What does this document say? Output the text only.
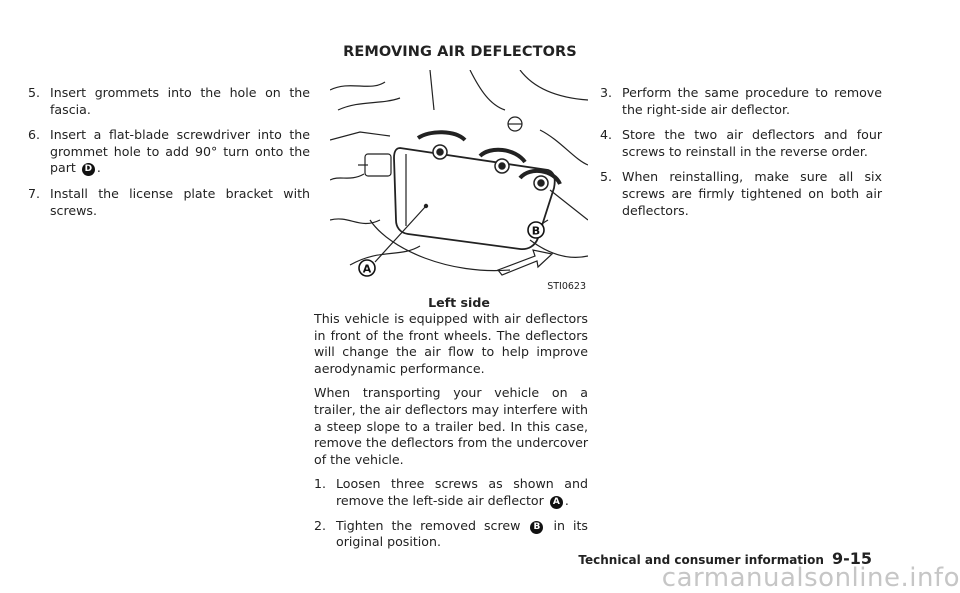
REMOVING AIR DEFLECTORS
5. Insert grommets into the hole on the fascia.
6. Insert a flat-blade screwdriver into the grommet hole to add 90° turn onto the part D .
7. Install the license plate bracket with screws.
A
B
STI0623
Left side

This vehicle is equipped with air deflectors in front of the front wheels. The deflectors will change the air flow to help improve aerodynamic performance.

When transporting your vehicle on a trailer, the air deflectors may interfere with a steep slope to a trailer bed. In this case, remove the deflectors from the undercover of the vehicle.

1. Loosen three screws as shown and remove the left-side air deflector A .
2. Tighten the removed screw B in its original position.
3. Perform the same procedure to remove the right-side air deflector.
4. Store the two air deflectors and four screws to reinstall in the reverse order.
5. When reinstalling, make sure all six screws are firmly tightened on both air deflectors.
Technical and consumer information 9-15
carmanualsonline.info
